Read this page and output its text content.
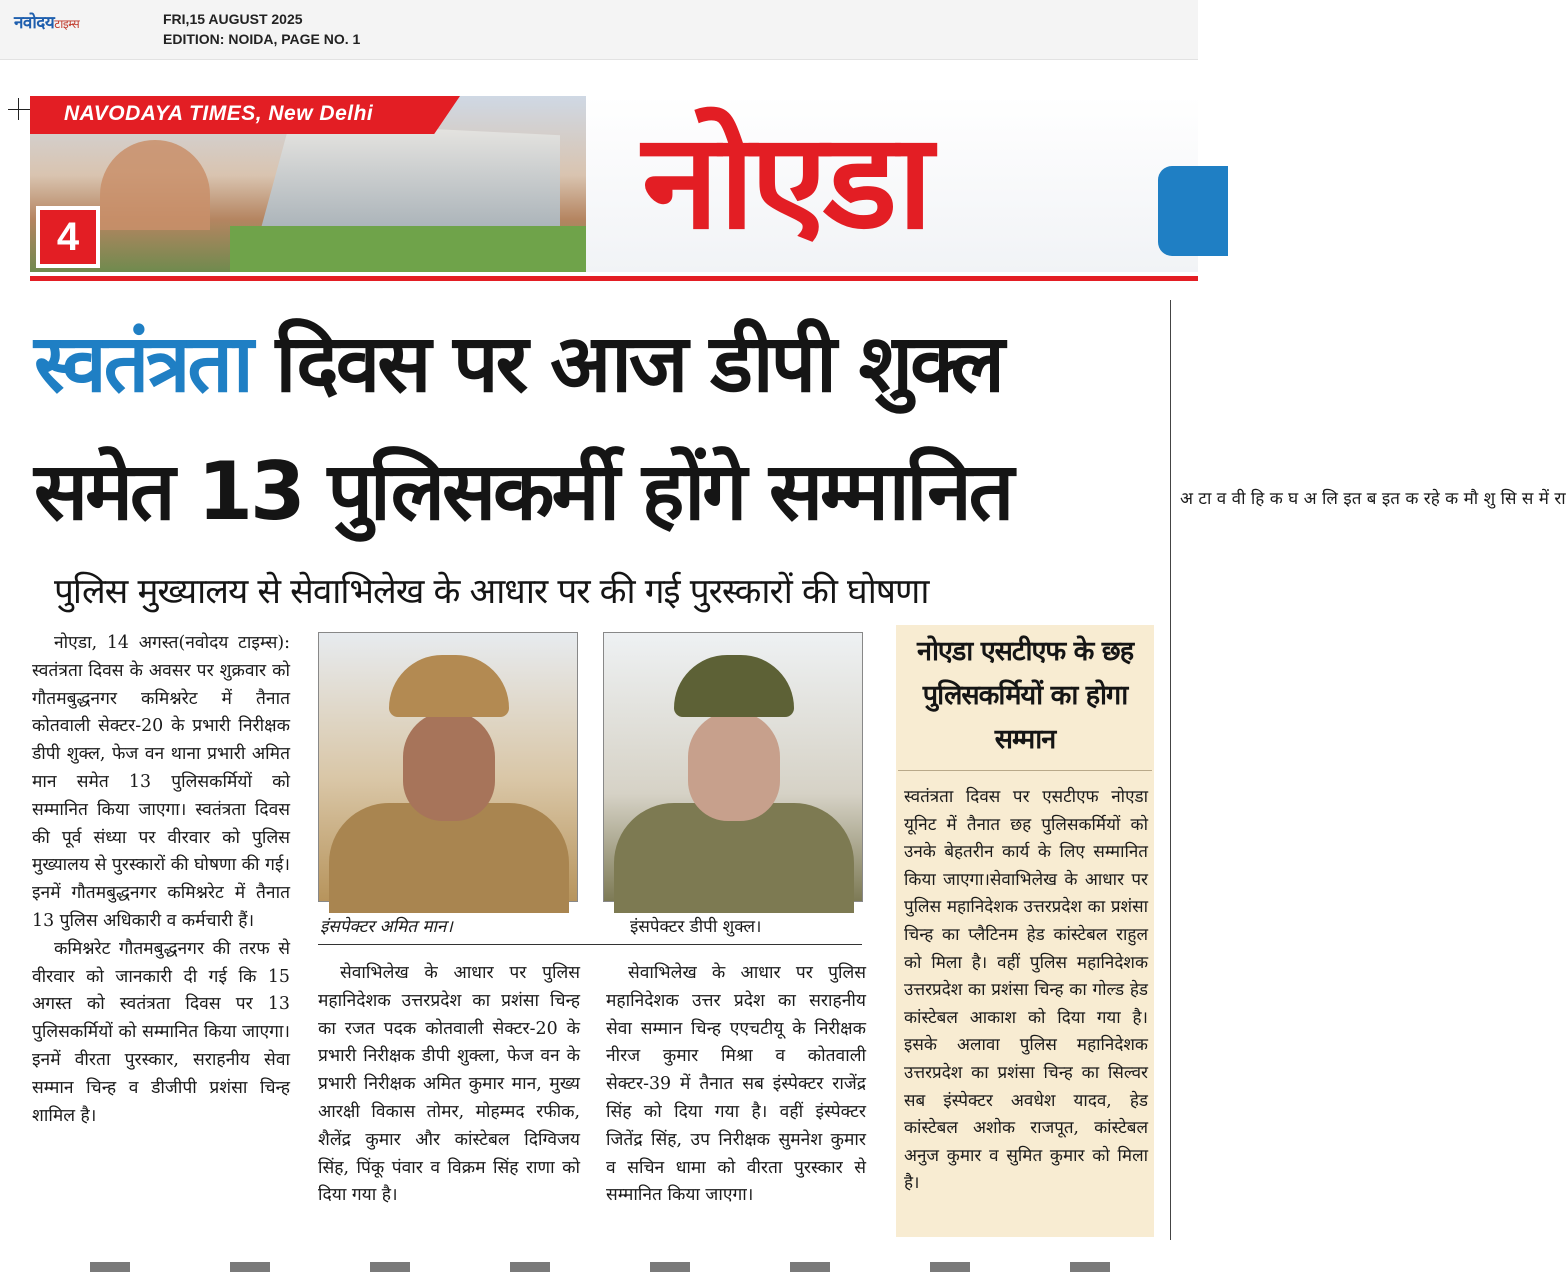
नवोदयटाइम्स	FRI,15 AUGUST 2025
EDITION: NOIDA, PAGE NO. 1
NAVODAYA TIMES, New Delhi
4	नोएडा
स्वतंत्रता दिवस पर आज डीपी शुक्ल
समेत 13 पुलिसकर्मी होंगे सम्मानित
पुलिस मुख्यालय से सेवाभिलेख के आधार पर की गई पुरस्कारों की घोषणा

नोएडा, 14 अगस्त(नवोदय टाइम्स): स्वतंत्रता दिवस के अवसर पर शुक्रवार को गौतमबुद्धनगर कमिश्नरेट में तैनात कोतवाली सेक्टर-20 के प्रभारी निरीक्षक डीपी शुक्ल, फेज वन थाना प्रभारी अमित मान समेत 13 पुलिसकर्मियों को सम्मानित किया जाएगा। स्वतंत्रता दिवस की पूर्व संध्या पर वीरवार को पुलिस मुख्यालय से पुरस्कारों की घोषणा की गई। इनमें गौतमबुद्धनगर कमिश्नरेट में तैनात 13 पुलिस अधिकारी व कर्मचारी हैं।

कमिश्नरेट गौतमबुद्धनगर की तरफ से वीरवार को जानकारी दी गई कि 15 अगस्त को स्वतंत्रता दिवस पर 13 पुलिसकर्मियों को सम्मानित किया जाएगा।इनमें वीरता पुरस्कार, सराहनीय सेवा सम्मान चिन्ह व डीजीपी प्रशंसा चिन्ह शामिल है।

इंसपेक्टर अमित मान।	इंसपेक्टर डीपी शुक्ल।

सेवाभिलेख के आधार पर पुलिस महानिदेशक उत्तरप्रदेश का प्रशंसा चिन्ह का रजत पदक कोतवाली सेक्टर-20 के प्रभारी निरीक्षक डीपी शुक्ला, फेज वन के प्रभारी निरीक्षक अमित कुमार मान, मुख्य आरक्षी विकास तोमर, मोहम्मद रफीक, शैलेंद्र कुमार और कांस्टेबल दिग्विजय सिंह, पिंकू पंवार व विक्रम सिंह राणा को दिया गया है।

सेवाभिलेख के आधार पर पुलिस महानिदेशक उत्तर प्रदेश का सराहनीय सेवा सम्मान चिन्ह एएचटीयू के निरीक्षक नीरज कुमार मिश्रा व कोतवाली सेक्टर-39 में तैनात सब इंस्पेक्टर राजेंद्र सिंह को दिया गया है। वहीं इंस्पेक्टर जितेंद्र सिंह, उप निरीक्षक सुमनेश कुमार व सचिन धामा को वीरता पुरस्कार से सम्मानित किया जाएगा।

नोएडा एसटीएफ के छह पुलिसकर्मियों का होगा सम्मान
स्वतंत्रता दिवस पर एसटीएफ नोएडा यूनिट में तैनात छह पुलिसकर्मियों को उनके बेहतरीन कार्य के लिए सम्मानित किया जाएगा।सेवाभिलेख के आधार पर पुलिस महानिदेशक उत्तरप्रदेश का प्रशंसा चिन्ह का प्लैटिनम हेड कांस्टेबल राहुल को मिला है। वहीं पुलिस महानिदेशक उत्तरप्रदेश का प्रशंसा चिन्ह का गोल्ड हेड कांस्टेबल आकाश को दिया गया है। इसके अलावा पुलिस महानिदेशक उत्तरप्रदेश का प्रशंसा चिन्ह का सिल्वर सब इंस्पेक्टर अवधेश यादव, हेड कांस्टेबल अशोक राजपूत, कांस्टेबल अनुज कुमार व सुमित कुमार को मिला है।
अ टा व वी हि क घ अ लि इत ब इत क रहे क मौ शु सि स में रा
